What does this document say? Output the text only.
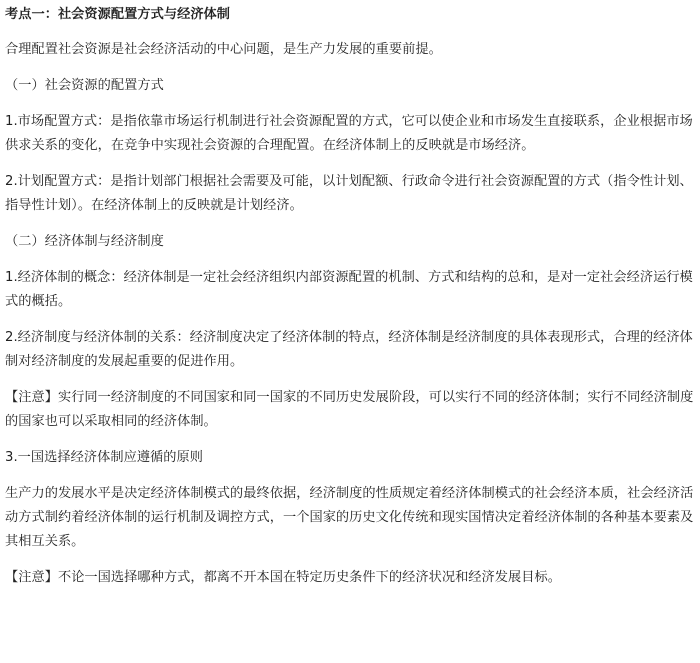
考点一：社会资源配置方式与经济体制

合理配置社会资源是社会经济活动的中心问题，是生产力发展的重要前提。

（一）社会资源的配置方式

1.市场配置方式：是指依靠市场运行机制进行社会资源配置的方式，它可以使企业和市场发生直接联系，企业根据市场供求关系的变化，在竞争中实现社会资源的合理配置。在经济体制上的反映就是市场经济。

2.计划配置方式：是指计划部门根据社会需要及可能，以计划配额、行政命令进行社会资源配置的方式（指令性计划、指导性计划）。在经济体制上的反映就是计划经济。

（二）经济体制与经济制度

1.经济体制的概念：经济体制是一定社会经济组织内部资源配置的机制、方式和结构的总和，是对一定社会经济运行模式的概括。

2.经济制度与经济体制的关系：经济制度决定了经济体制的特点，经济体制是经济制度的具体表现形式，合理的经济体制对经济制度的发展起重要的促进作用。

【注意】实行同一经济制度的不同国家和同一国家的不同历史发展阶段，可以实行不同的经济体制；实行不同经济制度的国家也可以采取相同的经济体制。

3.一国选择经济体制应遵循的原则

生产力的发展水平是决定经济体制模式的最终依据，经济制度的性质规定着经济体制模式的社会经济本质，社会经济活动方式制约着经济体制的运行机制及调控方式，一个国家的历史文化传统和现实国情决定着经济体制的各种基本要素及其相互关系。

【注意】不论一国选择哪种方式，都离不开本国在特定历史条件下的经济状况和经济发展目标。
